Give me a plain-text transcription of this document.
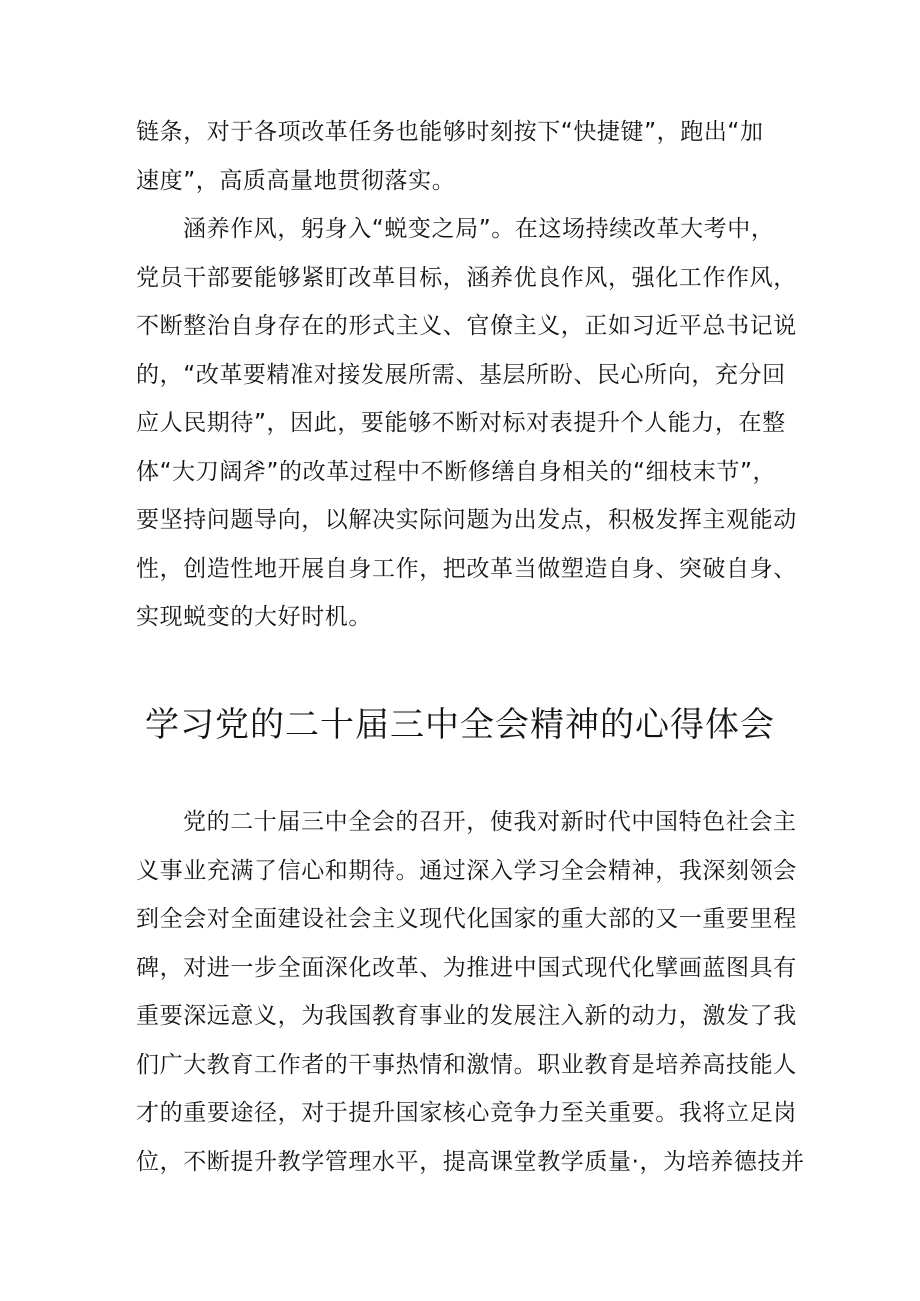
链条，对于各项改革任务也能够时刻按下“快捷键”，跑出“加
速度”，高质高量地贯彻落实。
涵养作风，躬身入“蜕变之局”。在这场持续改革大考中，
党员干部要能够紧盯改革目标，涵养优良作风，强化工作作风，
不断整治自身存在的形式主义、官僚主义，正如习近平总书记说
的，“改革要精准对接发展所需、基层所盼、民心所向，充分回
应人民期待”，因此，要能够不断对标对表提升个人能力，在整
体“大刀阔斧”的改革过程中不断修缮自身相关的“细枝末节”，
要坚持问题导向，以解决实际问题为出发点，积极发挥主观能动
性，创造性地开展自身工作，把改革当做塑造自身、突破自身、
实现蜕变的大好时机。
学习党的二十届三中全会精神的心得体会
党的二十届三中全会的召开，使我对新时代中国特色社会主
义事业充满了信心和期待。通过深入学习全会精神，我深刻领会
到全会对全面建设社会主义现代化国家的重大部的又一重要里程
碑，对进一步全面深化改革、为推进中国式现代化擘画蓝图具有
重要深远意义，为我国教育事业的发展注入新的动力，激发了我
们广大教育工作者的干事热情和激情。职业教育是培养高技能人
才的重要途径，对于提升国家核心竞争力至关重要。我将立足岗
位，不断提升教学管理水平，提高课堂教学质量·，为培养德技并
